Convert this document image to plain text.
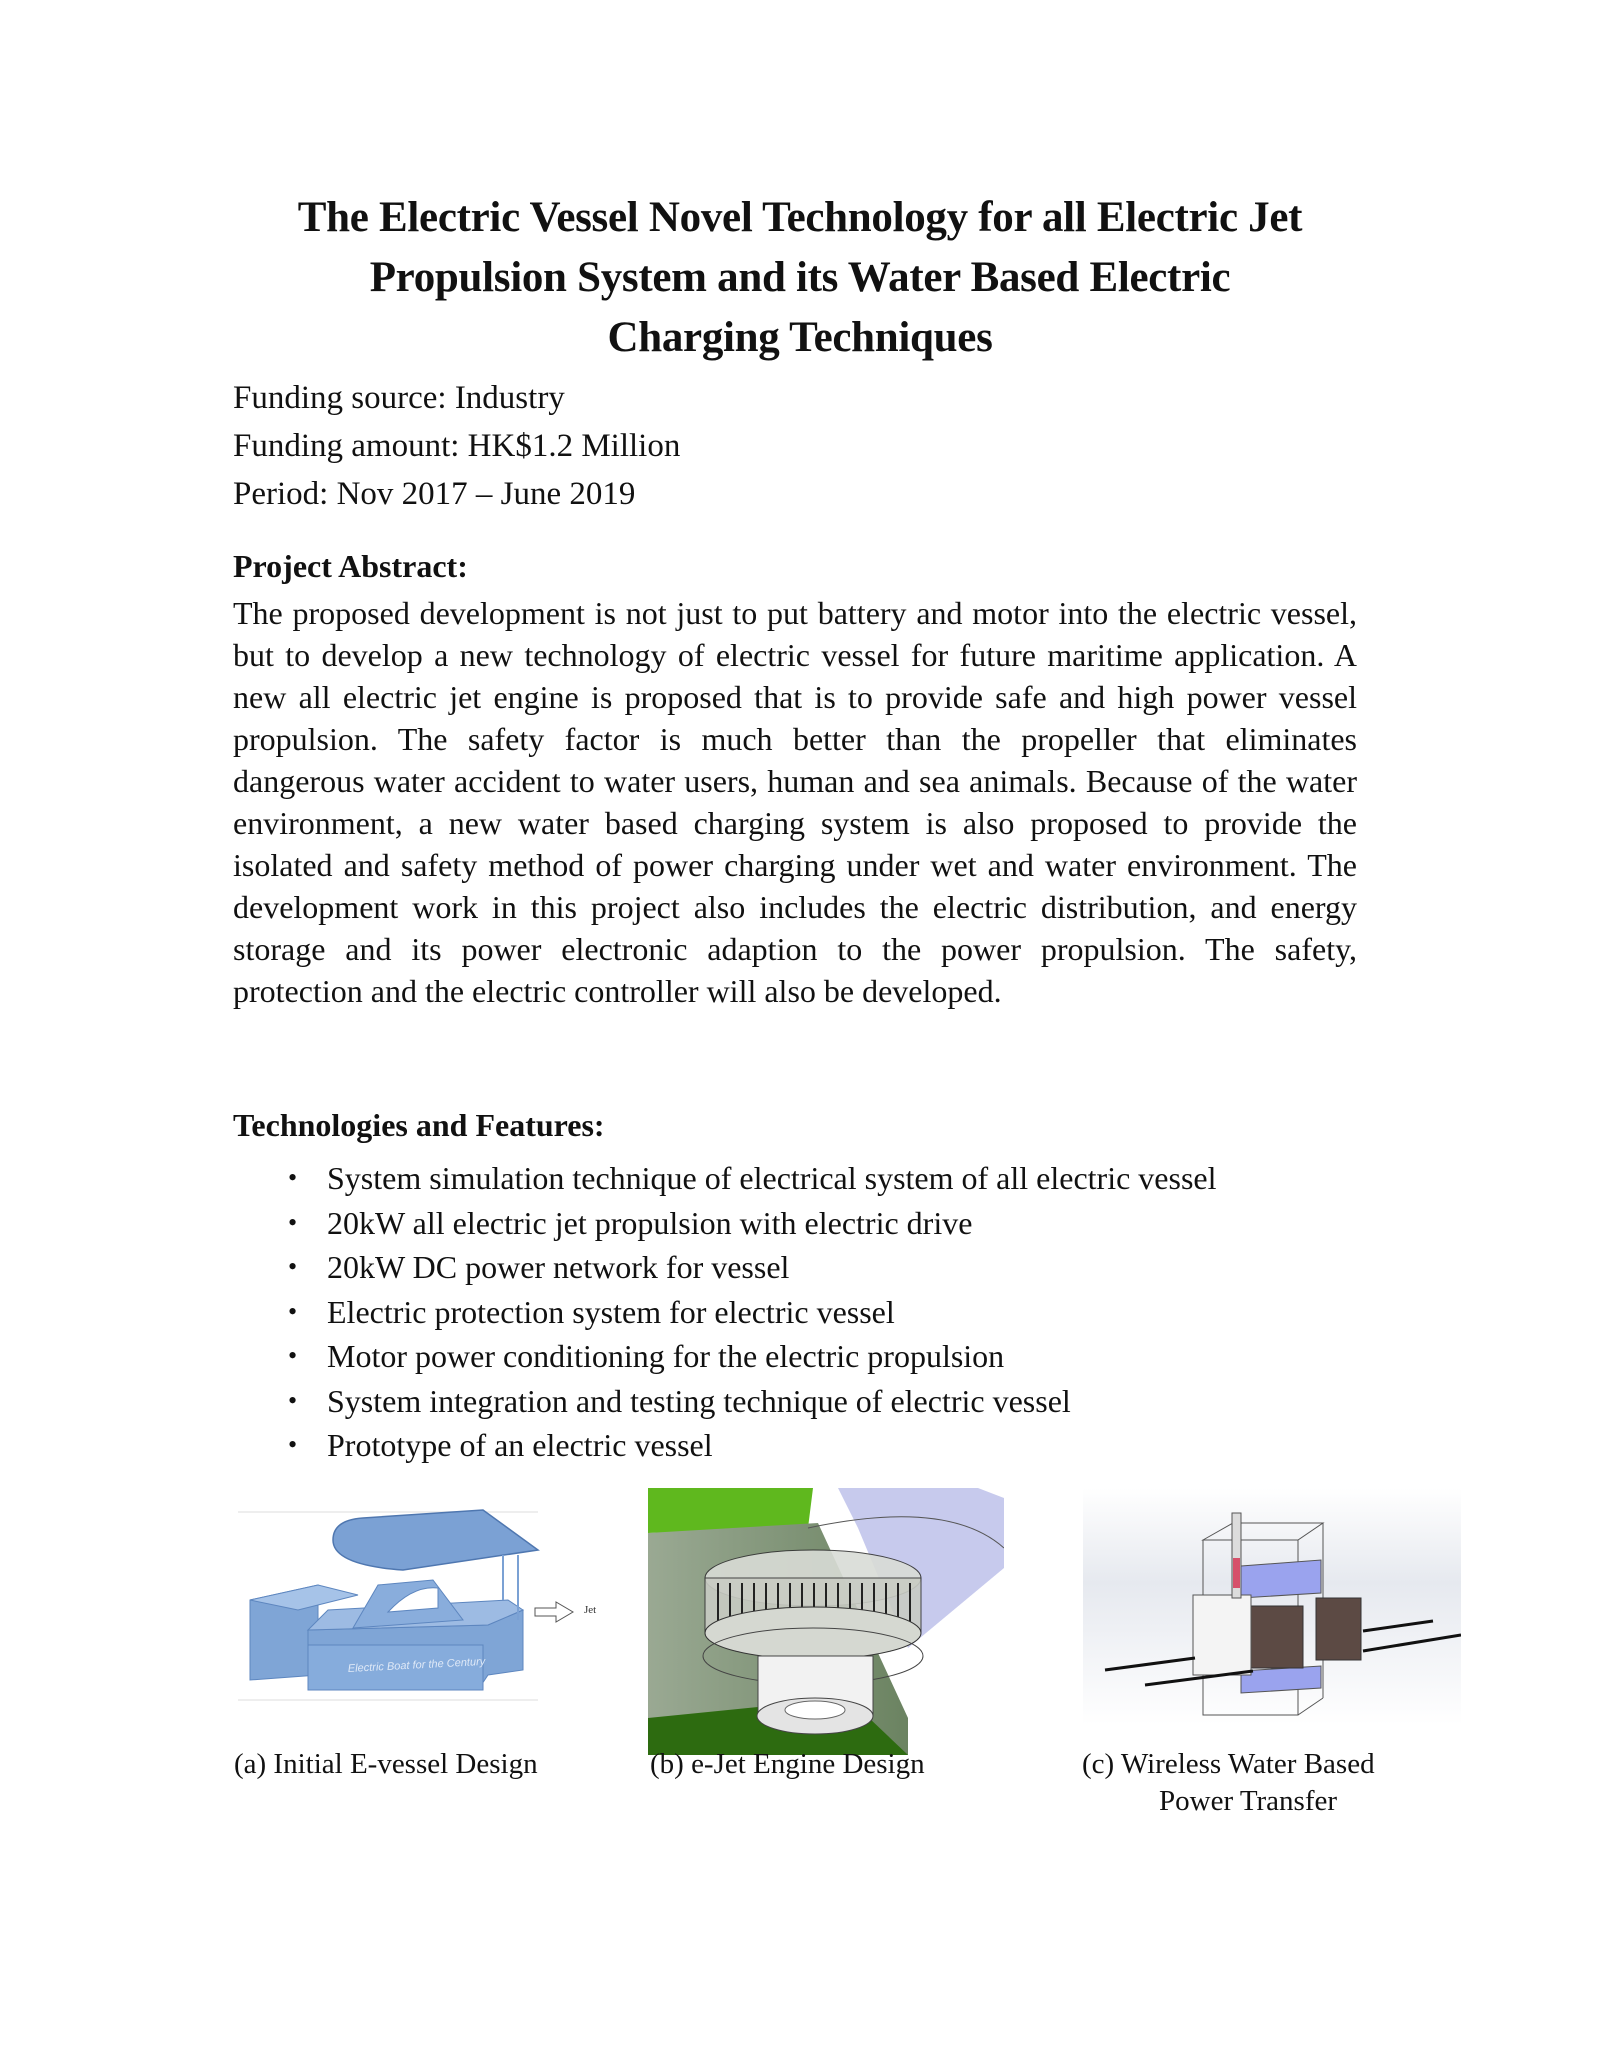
The Electric Vessel Novel Technology for all Electric Jet
Propulsion System and its Water Based Electric
Charging Techniques
Funding source: Industry
Funding amount: HK$1.2 Million
Period: Nov 2017 – June 2019
Project Abstract:
The proposed development is not just to put battery and motor into the electric vessel, but to develop a new technology of electric vessel for future maritime application. A new all electric jet engine is proposed that is to provide safe and high power vessel propulsion. The safety factor is much better than the propeller that eliminates dangerous water accident to water users, human and sea animals. Because of the water environment, a new water based charging system is also proposed to provide the isolated and safety method of power charging under wet and water environment. The development work in this project also includes the electric distribution, and energy storage and its power electronic adaption to the power propulsion. The safety, protection and the electric controller will also be developed.
Technologies and Features:
• System simulation technique of electrical system of all electric vessel
• 20kW all electric jet propulsion with electric drive
• 20kW DC power network for vessel
• Electric protection system for electric vessel
• Motor power conditioning for the electric propulsion
• System integration and testing technique of electric vessel
• Prototype of an electric vessel
Electric Boat for the Century
Jet
(a) Initial E-vessel Design	(b) e-Jet Engine Design	(c) Wireless Water Based
Power Transfer
